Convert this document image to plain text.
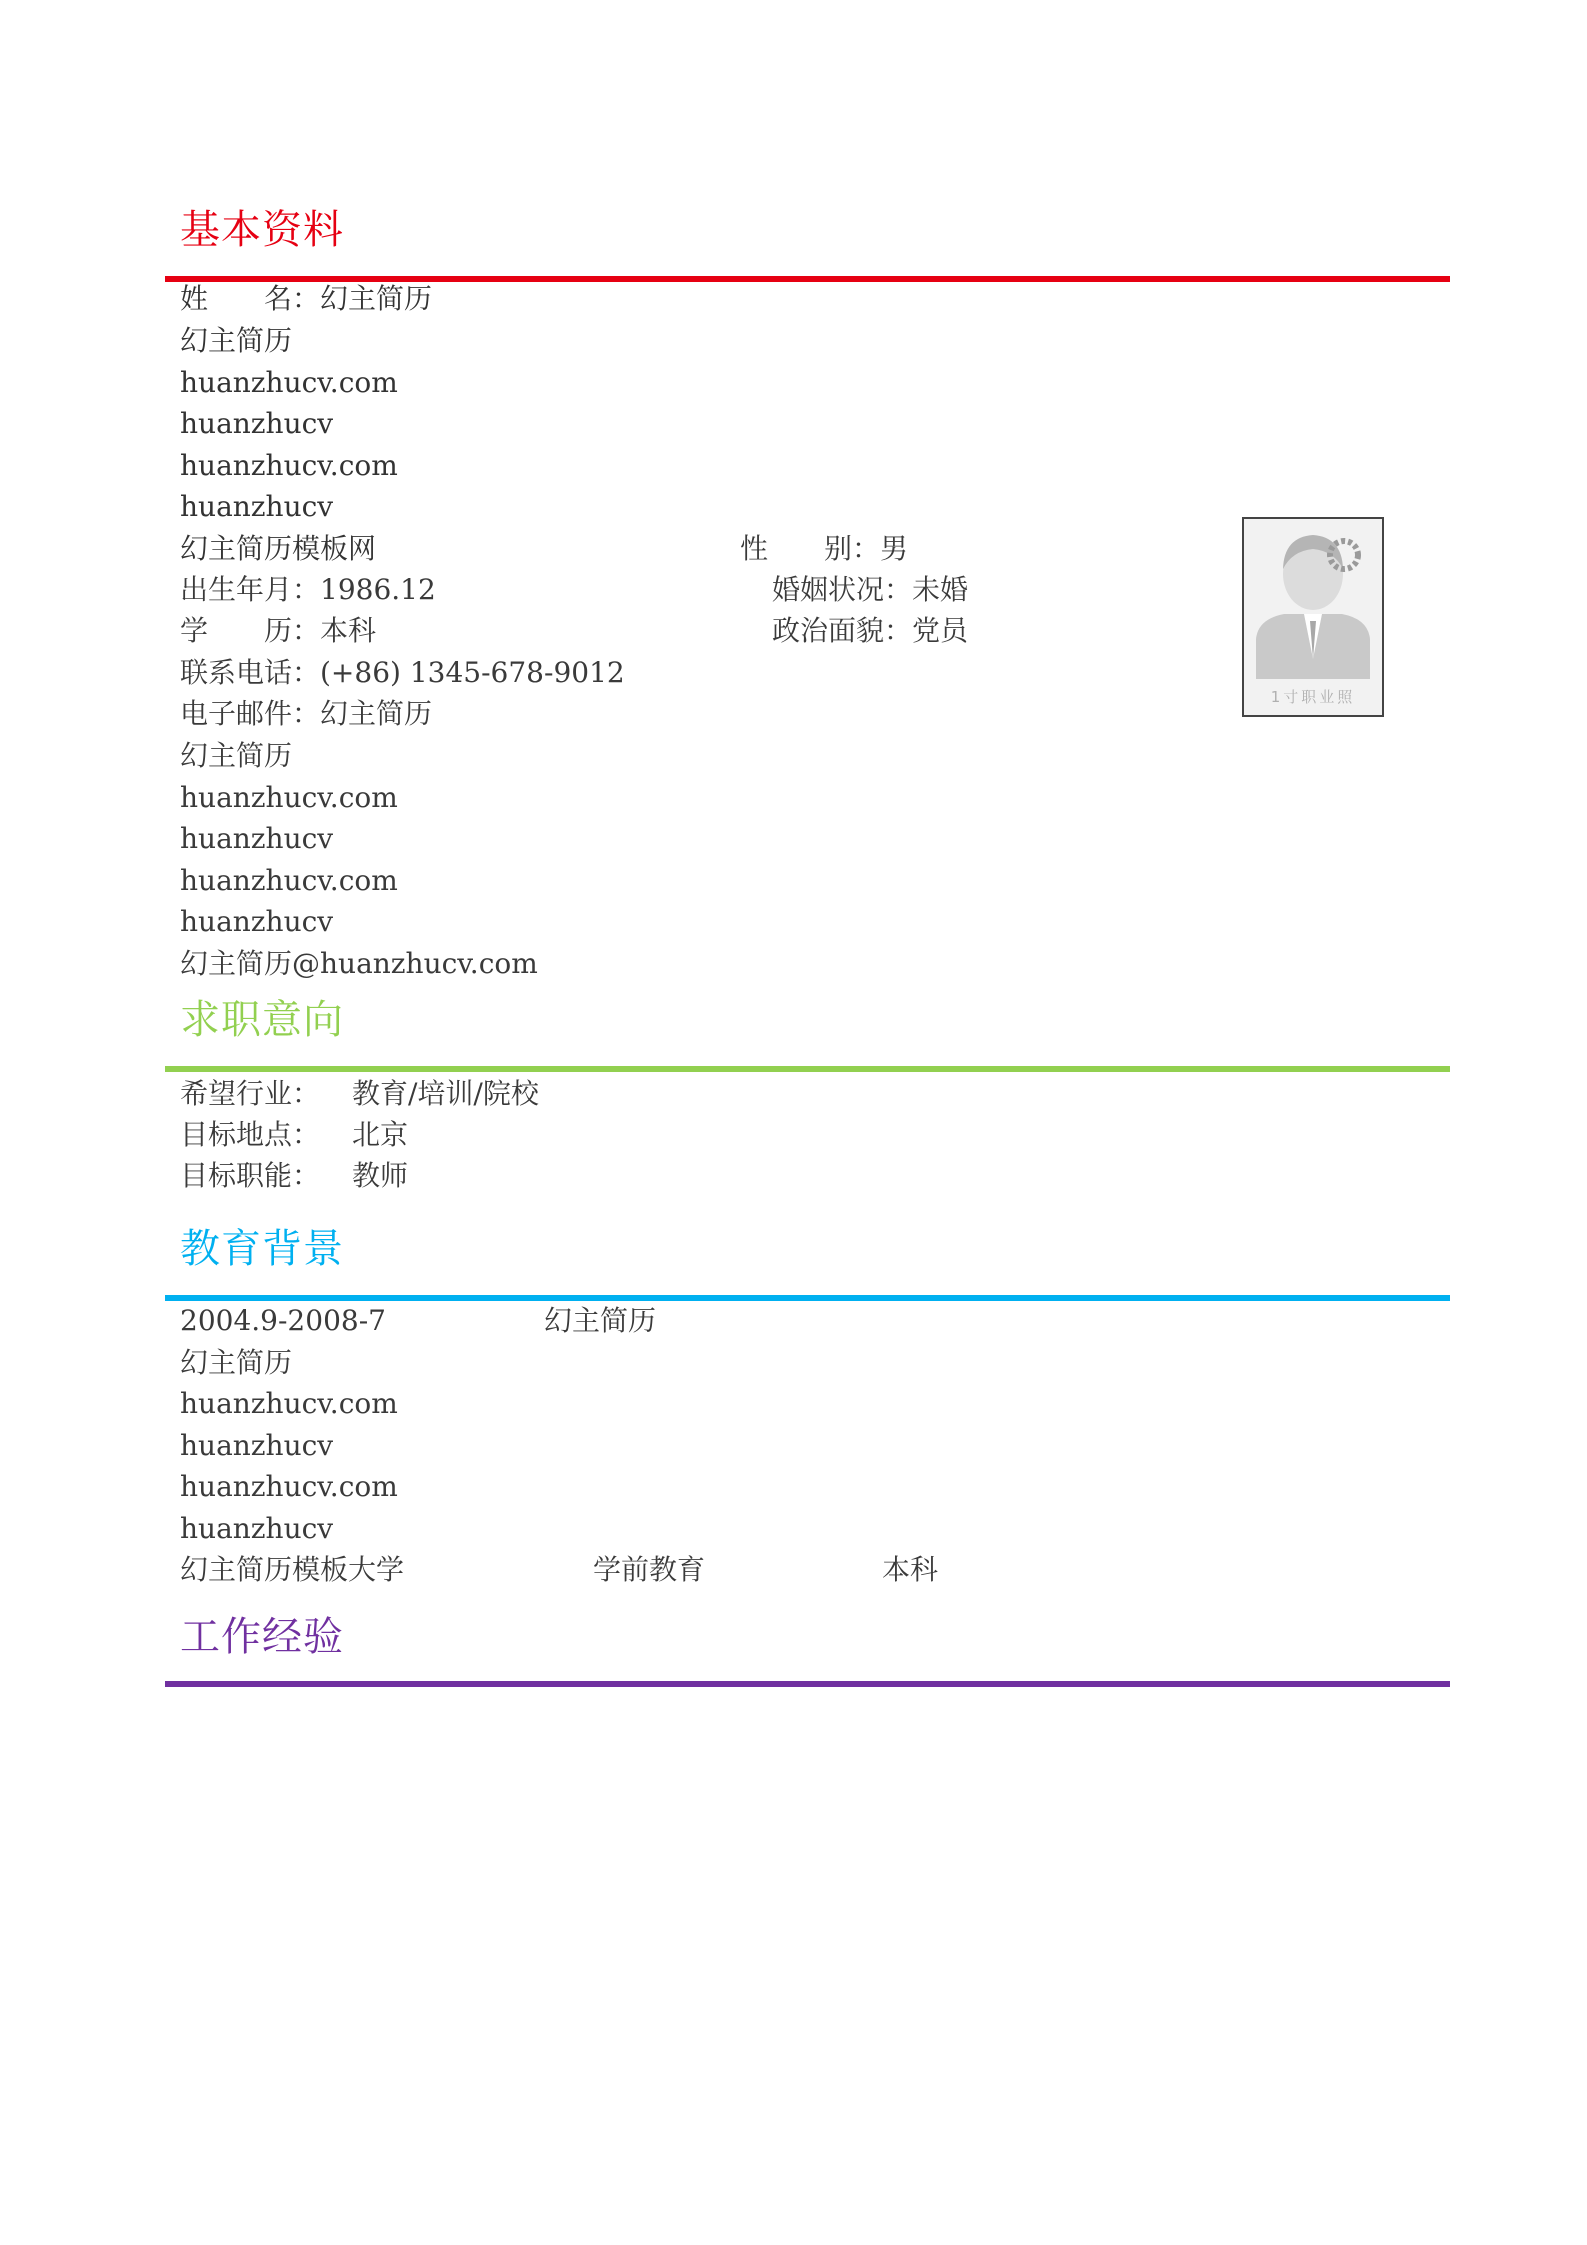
基本资料
姓　　名：幻主简历
幻主简历
huanzhucv.com
huanzhucv
huanzhucv.com
huanzhucv
幻主简历模板网	性　　别：男
出生年月：1986.12	婚姻状况：未婚
学　　历：本科	政治面貌：党员
联系电话：(+86) 1345-678-9012
电子邮件：幻主简历
幻主简历
huanzhucv.com
huanzhucv
huanzhucv.com
huanzhucv
幻主简历@huanzhucv.com
1寸职业照
求职意向
希望行业： 教育/培训/院校
目标地点： 北京
目标职能： 教师
教育背景
2004.9-2008-7	幻主简历
幻主简历
huanzhucv.com
huanzhucv
huanzhucv.com
huanzhucv
幻主简历模板大学	学前教育	本科
工作经验
